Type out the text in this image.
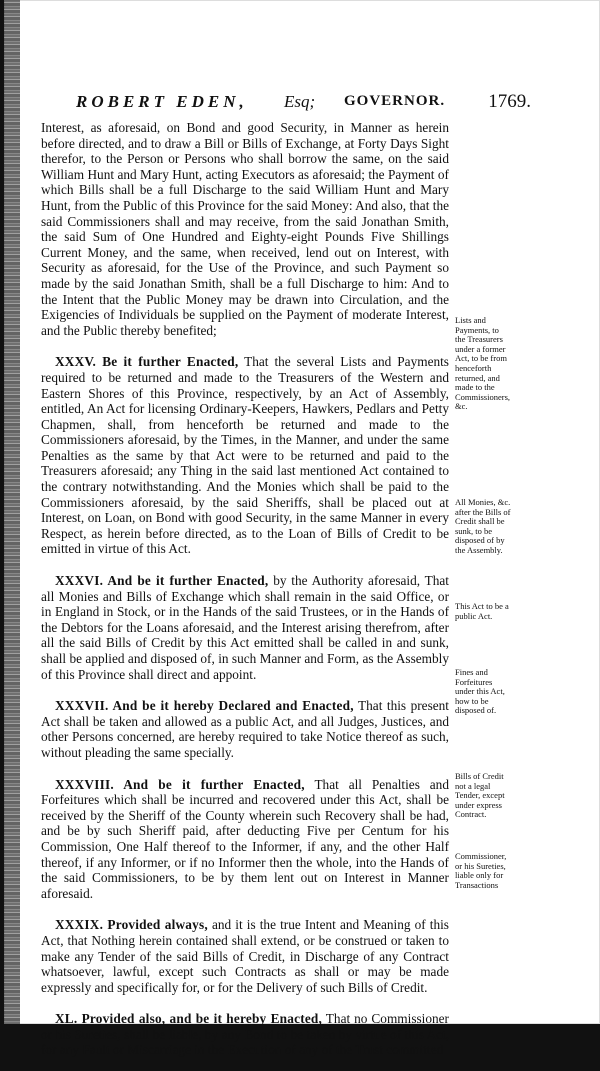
ROBERT EDEN, Esq; GOVERNOR. 1769.

Interest, as aforesaid, on Bond and good Security, in Manner as herein before directed, and to draw a Bill or Bills of Exchange, at Forty Days Sight therefor, to the Person or Persons who shall borrow the same, on the said William Hunt and Mary Hunt, acting Executors as aforesaid; the Payment of which Bills shall be a full Discharge to the said William Hunt and Mary Hunt, from the Public of this Province for the said Money: And also, that the said Commissioners shall and may receive, from the said Jonathan Smith, the said Sum of One Hundred and Eighty-eight Pounds Five Shillings Current Money, and the same, when received, lend out on Interest, with Security as aforesaid, for the Use of the Province, and such Payment so made by the said Jonathan Smith, shall be a full Discharge to him: And to the Intent that the Public Money may be drawn into Circulation, and the Exigencies of Individuals be supplied on the Payment of moderate Interest, and the Public thereby benefited;

XXXV. Be it further Enacted, That the several Lists and Payments required to be returned and made to the Treasurers of the Western and Eastern Shores of this Province, respectively, by an Act of Assembly, entitled, An Act for licensing Ordinary-Keepers, Hawkers, Pedlars and Petty Chapmen, shall, from henceforth be returned and made to the Commissioners aforesaid, by the Times, in the Manner, and under the same Penalties as the same by that Act were to be returned and paid to the Treasurers aforesaid; any Thing in the said last mentioned Act contained to the contrary notwithstanding. And the Monies which shall be paid to the Commissioners aforesaid, by the said Sheriffs, shall be placed out at Interest, on Loan, on Bond with good Security, in the same Manner in every Respect, as herein before directed, as to the Loan of Bills of Credit to be emitted in virtue of this Act.

XXXVI. And be it further Enacted, by the Authority aforesaid, That all Monies and Bills of Exchange which shall remain in the said Office, or in England in Stock, or in the Hands of the said Trustees, or in the Hands of the Debtors for the Loans aforesaid, and the Interest arising therefrom, after all the said Bills of Credit by this Act emitted shall be called in and sunk, shall be applied and disposed of, in such Manner and Form, as the Assembly of this Province shall direct and appoint.

XXXVII. And be it hereby Declared and Enacted, That this present Act shall be taken and allowed as a public Act, and all Judges, Justices, and other Persons concerned, are hereby required to take Notice thereof as such, without pleading the same specially.

XXXVIII. And be it further Enacted, That all Penalties and Forfeitures which shall be incurred and recovered under this Act, shall be received by the Sheriff of the County wherein such Recovery shall be had, and be by such Sheriff paid, after deducting Five per Centum for his Commission, One Half thereof to the Informer, if any, and the other Half thereof, if any Informer, or if no Informer then the whole, into the Hands of the said Commissioners, to be by them lent out on Interest in Manner aforesaid.

XXXIX. Provided always, and it is the true Intent and Meaning of this Act, that Nothing herein contained shall extend, or be construed or taken to make any Tender of the said Bills of Credit, in Discharge of any Contract whatsoever, lawful, except such Contracts as shall or may be made expressly and specifically for, or for the Delivery of such Bills of Credit.

XL. Provided also, and be it hereby Enacted, That no Commissioner or his Sureties, shall be liable, by any Bond to be taken by virtue of this Act, for any Fault or Miscarriage in the Execution of any of the Trust committed

Lists and Payments, to the Treasurers under a former Act, to be from henceforth returned, and made to the Commissioners, &c.
All Monies, &c. after the Bills of Credit shall be sunk, to be disposed of by the Assembly.
This Act to be a public Act.
Fines and Forfeitures under this Act, how to be disposed of.
Bills of Credit not a legal Tender, except under express Contract.
Commissioner, or his Sureties, liable only for Transactions
